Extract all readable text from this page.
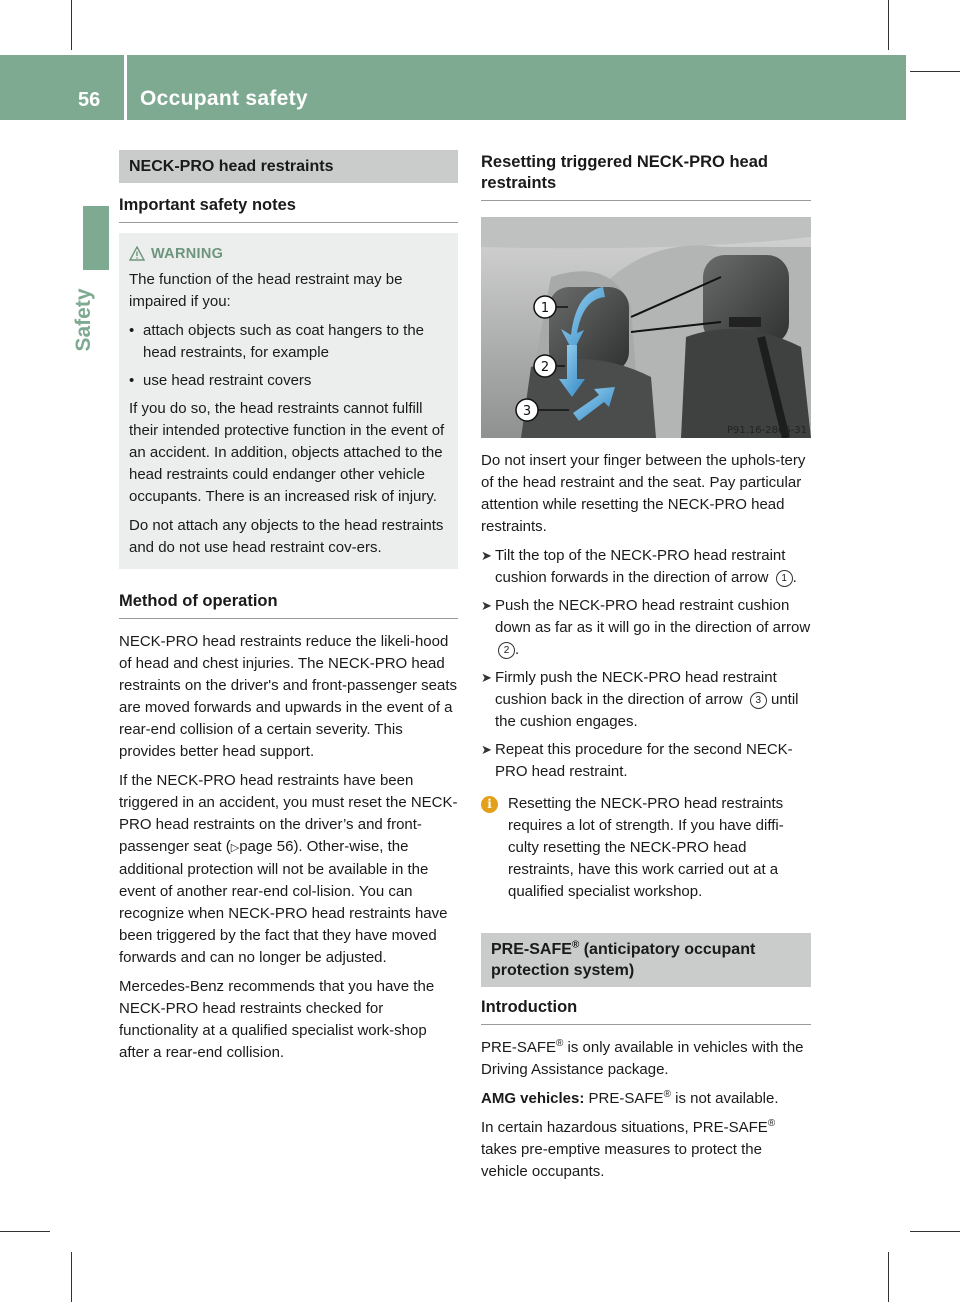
56 Occupant safety
Safety
NECK-PRO head restraints
Important safety notes
WARNING

The function of the head restraint may be impaired if you:

• attach objects such as coat hangers to the head restraints, for example
• use head restraint covers

If you do so, the head restraints cannot fulfill their intended protective function in the event of an accident. In addition, objects attached to the head restraints could endanger other vehicle occupants. There is an increased risk of injury.

Do not attach any objects to the head restraints and do not use head restraint cov-ers.

Method of operation

NECK-PRO head restraints reduce the likeli-hood of head and chest injuries. The NECK-PRO head restraints on the driver's and front-passenger seats are moved forwards and upwards in the event of a rear-end collision of a certain severity. This provides better head support.

If the NECK-PRO head restraints have been triggered in an accident, you must reset the NECK-PRO head restraints on the driver’s and front-passenger seat (▷page 56). Other-wise, the additional protection will not be available in the event of another rear-end col-lision. You can recognize when NECK-PRO head restraints have been triggered by the fact that they have moved forwards and can no longer be adjusted.

Mercedes-Benz recommends that you have the NECK-PRO head restraints checked for functionality at a qualified specialist work-shop after a rear-end collision.

Resetting triggered NECK-PRO head restraints
1
2
3
P91.16-2866-31

Do not insert your finger between the uphols-tery of the head restraint and the seat. Pay particular attention while resetting the NECK-PRO head restraints.

➤ Tilt the top of the NECK-PRO head restraint cushion forwards in the direction of arrow 1 .
➤ Push the NECK-PRO head restraint cushion down as far as it will go in the direction of arrow 2 .
➤ Firmly push the NECK-PRO head restraint cushion back in the direction of arrow 3 until the cushion engages.
➤ Repeat this procedure for the second NECK-PRO head restraint.
i	Resetting the NECK-PRO head restraints requires a lot of strength. If you have diffi-culty resetting the NECK-PRO head restraints, have this work carried out at a qualified specialist workshop.
PRE-SAFE® (anticipatory occupant protection system)
Introduction

PRE-SAFE® is only available in vehicles with the Driving Assistance package.

AMG vehicles: PRE-SAFE® is not available.

In certain hazardous situations, PRE-SAFE® takes pre-emptive measures to protect the vehicle occupants.
